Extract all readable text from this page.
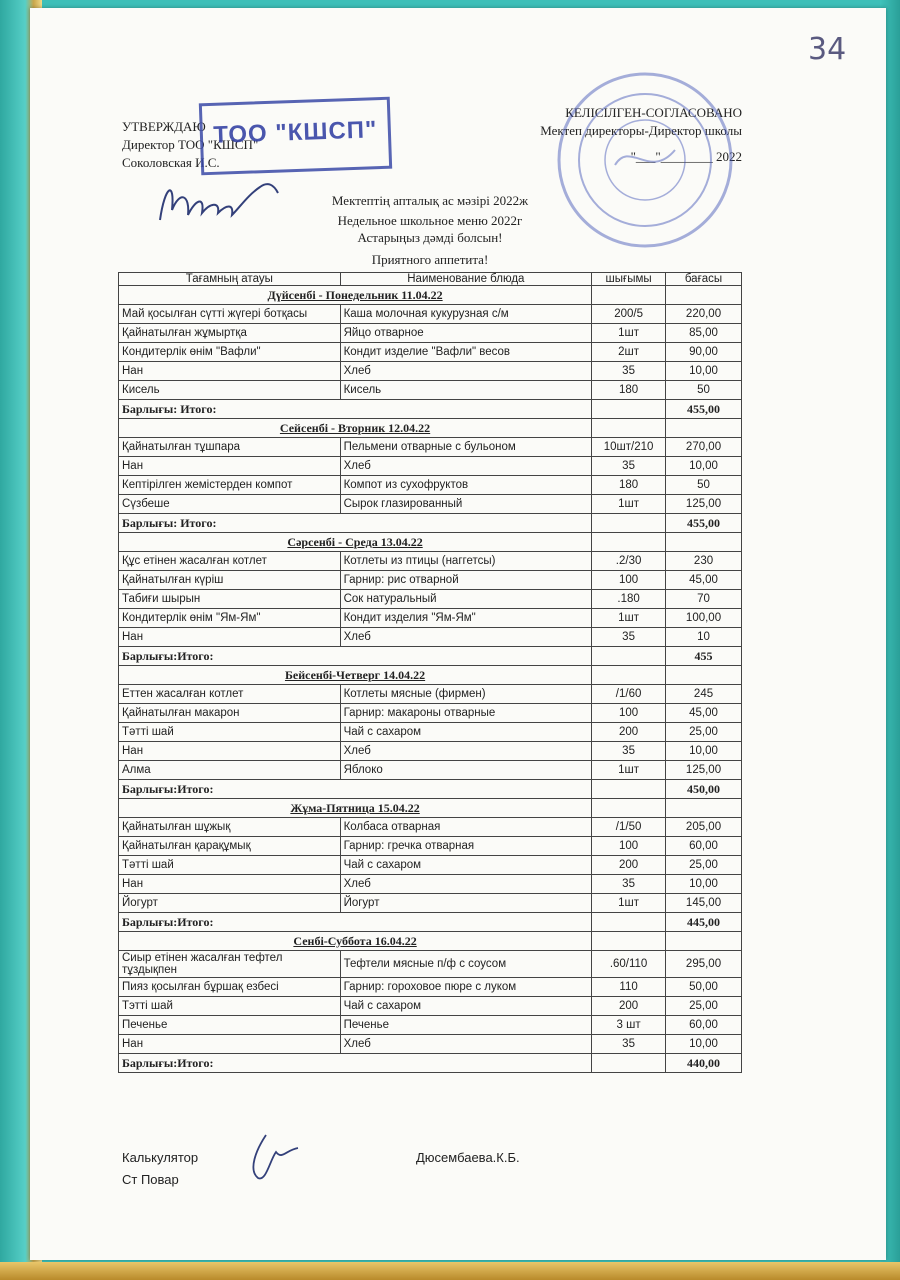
34
УТВЕРЖДАЮ
Директор ТОО "КШСП"
Соколовская И.С.
ТОО "КШСП"
КЕЛІСІЛГЕН-СОГЛАСОВАНО
Мектеп директоры-Директор школы
"___"________ 2022
Мектептің апталық ас мәзірі 2022ж
Недельное школьное меню 2022г
Астарыңыз дәмді болсын!
Приятного аппетита!
Тағамның атауы	Наименование блюда	шығымы	бағасы
Дүйсенбі - Понедельник 11.04.22			
Май қосылған сүтті жүгері ботқасы	Каша молочная кукурузная с/м	200/5	220,00
Қайнатылған жұмыртқа	Яйцо отварное	1шт	85,00
Кондитерлік өнім "Вафли"	Кондит изделие "Вафли" весов	2шт	90,00
Нан	Хлеб	35	10,00
Кисель	Кисель	180	50
Барлығы: Итого:			455,00
Сейсенбі - Вторник 12.04.22			
Қайнатылған тұшпара	Пельмени отварные с бульоном	10шт/210	270,00
Нан	Хлеб	35	10,00
Кептірілген жемістерден компот	Компот из сухофруктов	180	50
Сүзбеше	Сырок глазированный	1шт	125,00
Барлығы: Итого:			455,00
Сәрсенбі - Среда 13.04.22			
Құс етінен жасалған котлет	Котлеты из птицы (наггетсы)	.2/30	230
Қайнатылған күріш	Гарнир: рис отварной	100	45,00
Табиғи шырын	Сок натуральный	.180	70
Кондитерлік өнім "Ям-Ям"	Кондит изделия "Ям-Ям"	1шт	100,00
Нан	Хлеб	35	10
Барлығы:Итого:			455
Бейсенбі-Четверг 14.04.22			
Еттен жасалған котлет	Котлеты мясные (фирмен)	/1/60	245
Қайнатылған макарон	Гарнир: макароны отварные	100	45,00
Тәтті шай	Чай с сахаром	200	25,00
Нан	Хлеб	35	10,00
Алма	Яблоко	1шт	125,00
Барлығы:Итого:			450,00
Жұма-Пятница 15.04.22			
Қайнатылған шұжық	Колбаса отварная	/1/50	205,00
Қайнатылған қарақұмық	Гарнир: гречка отварная	100	60,00
Тәтті шай	Чай с сахаром	200	25,00
Нан	Хлеб	35	10,00
Йогурт	Йогурт	1шт	145,00
Барлығы:Итого:			445,00
Сенбі-Суббота 16.04.22			
Сиыр етінен жасалған тефтел тұздықпен	Тефтели мясные п/ф с соусом	.60/110	295,00
Пияз қосылған бұршақ езбесі	Гарнир: гороховое пюре с луком	110	50,00
Тэтті шай	Чай с сахаром	200	25,00
Печенье	Печенье	3 шт	60,00
Нан	Хлеб	35	10,00
Барлығы:Итого:			440,00
Калькулятор	Дюсембаева.К.Б.
Ст Повар
